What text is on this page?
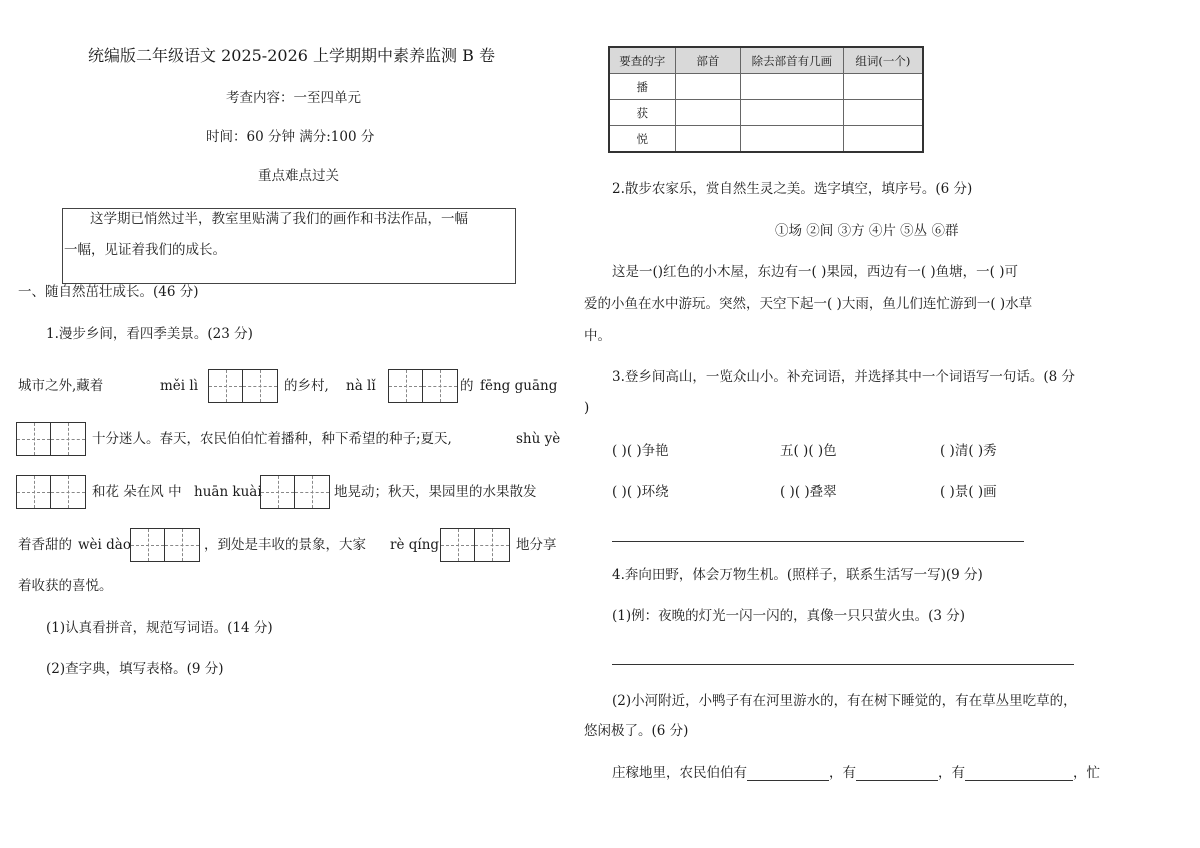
统编版二年级语文 2025-2026 上学期期中素养监测 B 卷
考查内容：一至四单元
时间：60 分钟 满分:100 分
重点难点过关
这学期已悄然过半，教室里贴满了我们的画作和书法作品，一幅
一幅，见证着我们的成长。
一、随自然茁壮成长。(46 分)
1.漫步乡间，看四季美景。(23 分)
城市之外,藏着	měi lì	的乡村, nà lǐ	的 fēng guāng
十分迷人。春天，农民伯伯忙着播种，种下希望的种子;夏天,	shù yè
和花 朵在风 中 huān kuài	地晃动；秋天，果园里的水果散发
着香甜的 wèi dào	，到处是丰收的景象，大家 rè qíng	地分享
着收获的喜悦。
(1)认真看拼音，规范写词语。(14 分)
(2)查字典，填写表格。(9 分)
要查的字	部首	除去部首有几画	组词(一个)
播			
获			
悦			
2.散步农家乐，赏自然生灵之美。选字填空，填序号。(6 分)
①场 ②间 ③方 ④片 ⑤丛 ⑥群
这是一()红色的小木屋，东边有一( )果园，西边有一( )鱼塘，一( )可
爱的小鱼在水中游玩。突然，天空下起一( )大雨，鱼儿们连忙游到一( )水草
中。
3.登乡间高山，一览众山小。补充词语，并选择其中一个词语写一句话。(8 分
)
( )( )争艳	五( )( )色	( )清( )秀
( )( )环绕	( )( )叠翠	( )景( )画
4.奔向田野，体会万物生机。(照样子，联系生活写一写)(9 分)
(1)例：夜晚的灯光一闪一闪的，真像一只只萤火虫。(3 分)
(2)小河附近，小鸭子有在河里游水的，有在树下睡觉的，有在草丛里吃草的，
悠闲极了。(6 分)
庄稼地里，农民伯伯有	，有	，有	，忙
